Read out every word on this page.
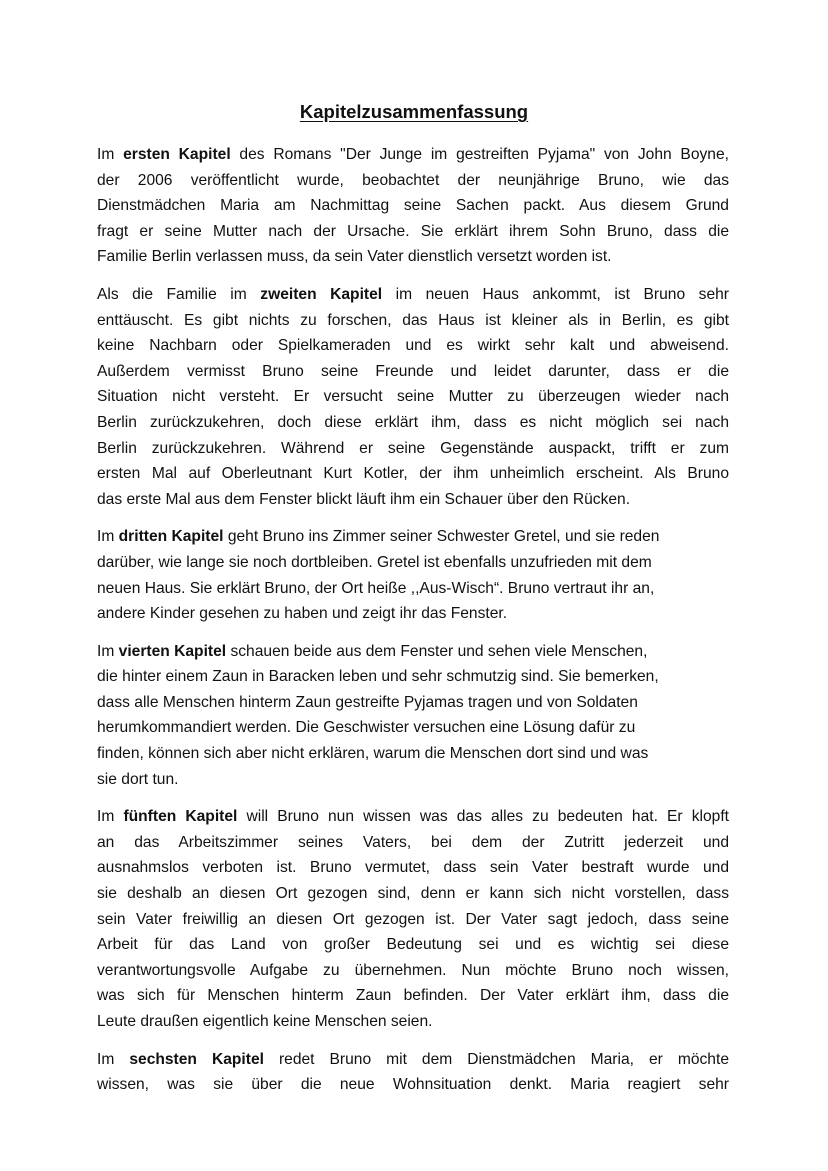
Kapitelzusammenfassung
Im ersten Kapitel des Romans "Der Junge im gestreiften Pyjama" von John Boyne,
der 2006 veröffentlicht wurde, beobachtet der neunjährige Bruno, wie das
Dienstmädchen Maria am Nachmittag seine Sachen packt. Aus diesem Grund
fragt er seine Mutter nach der Ursache. Sie erklärt ihrem Sohn Bruno, dass die
Familie Berlin verlassen muss, da sein Vater dienstlich versetzt worden ist.
Als die Familie im zweiten Kapitel im neuen Haus ankommt, ist Bruno sehr
enttäuscht. Es gibt nichts zu forschen, das Haus ist kleiner als in Berlin, es gibt
keine Nachbarn oder Spielkameraden und es wirkt sehr kalt und abweisend.
Außerdem vermisst Bruno seine Freunde und leidet darunter, dass er die
Situation nicht versteht. Er versucht seine Mutter zu überzeugen wieder nach
Berlin zurückzukehren, doch diese erklärt ihm, dass es nicht möglich sei nach
Berlin zurückzukehren. Während er seine Gegenstände auspackt, trifft er zum
ersten Mal auf Oberleutnant Kurt Kotler, der ihm unheimlich erscheint. Als Bruno
das erste Mal aus dem Fenster blickt läuft ihm ein Schauer über den Rücken.
Im dritten Kapitel geht Bruno ins Zimmer seiner Schwester Gretel, und sie reden
darüber, wie lange sie noch dortbleiben. Gretel ist ebenfalls unzufrieden mit dem
neuen Haus. Sie erklärt Bruno, der Ort heiße ,,Aus-Wisch“. Bruno vertraut ihr an,
andere Kinder gesehen zu haben und zeigt ihr das Fenster.
Im vierten Kapitel schauen beide aus dem Fenster und sehen viele Menschen,
die hinter einem Zaun in Baracken leben und sehr schmutzig sind. Sie bemerken,
dass alle Menschen hinterm Zaun gestreifte Pyjamas tragen und von Soldaten
herumkommandiert werden. Die Geschwister versuchen eine Lösung dafür zu
finden, können sich aber nicht erklären, warum die Menschen dort sind und was
sie dort tun.
Im fünften Kapitel will Bruno nun wissen was das alles zu bedeuten hat. Er klopft
an das Arbeitszimmer seines Vaters, bei dem der Zutritt jederzeit und
ausnahmslos verboten ist. Bruno vermutet, dass sein Vater bestraft wurde und
sie deshalb an diesen Ort gezogen sind, denn er kann sich nicht vorstellen, dass
sein Vater freiwillig an diesen Ort gezogen ist. Der Vater sagt jedoch, dass seine
Arbeit für das Land von großer Bedeutung sei und es wichtig sei diese
verantwortungsvolle Aufgabe zu übernehmen. Nun möchte Bruno noch wissen,
was sich für Menschen hinterm Zaun befinden. Der Vater erklärt ihm, dass die
Leute draußen eigentlich keine Menschen seien.
Im sechsten Kapitel redet Bruno mit dem Dienstmädchen Maria, er möchte
wissen, was sie über die neue Wohnsituation denkt. Maria reagiert sehr
